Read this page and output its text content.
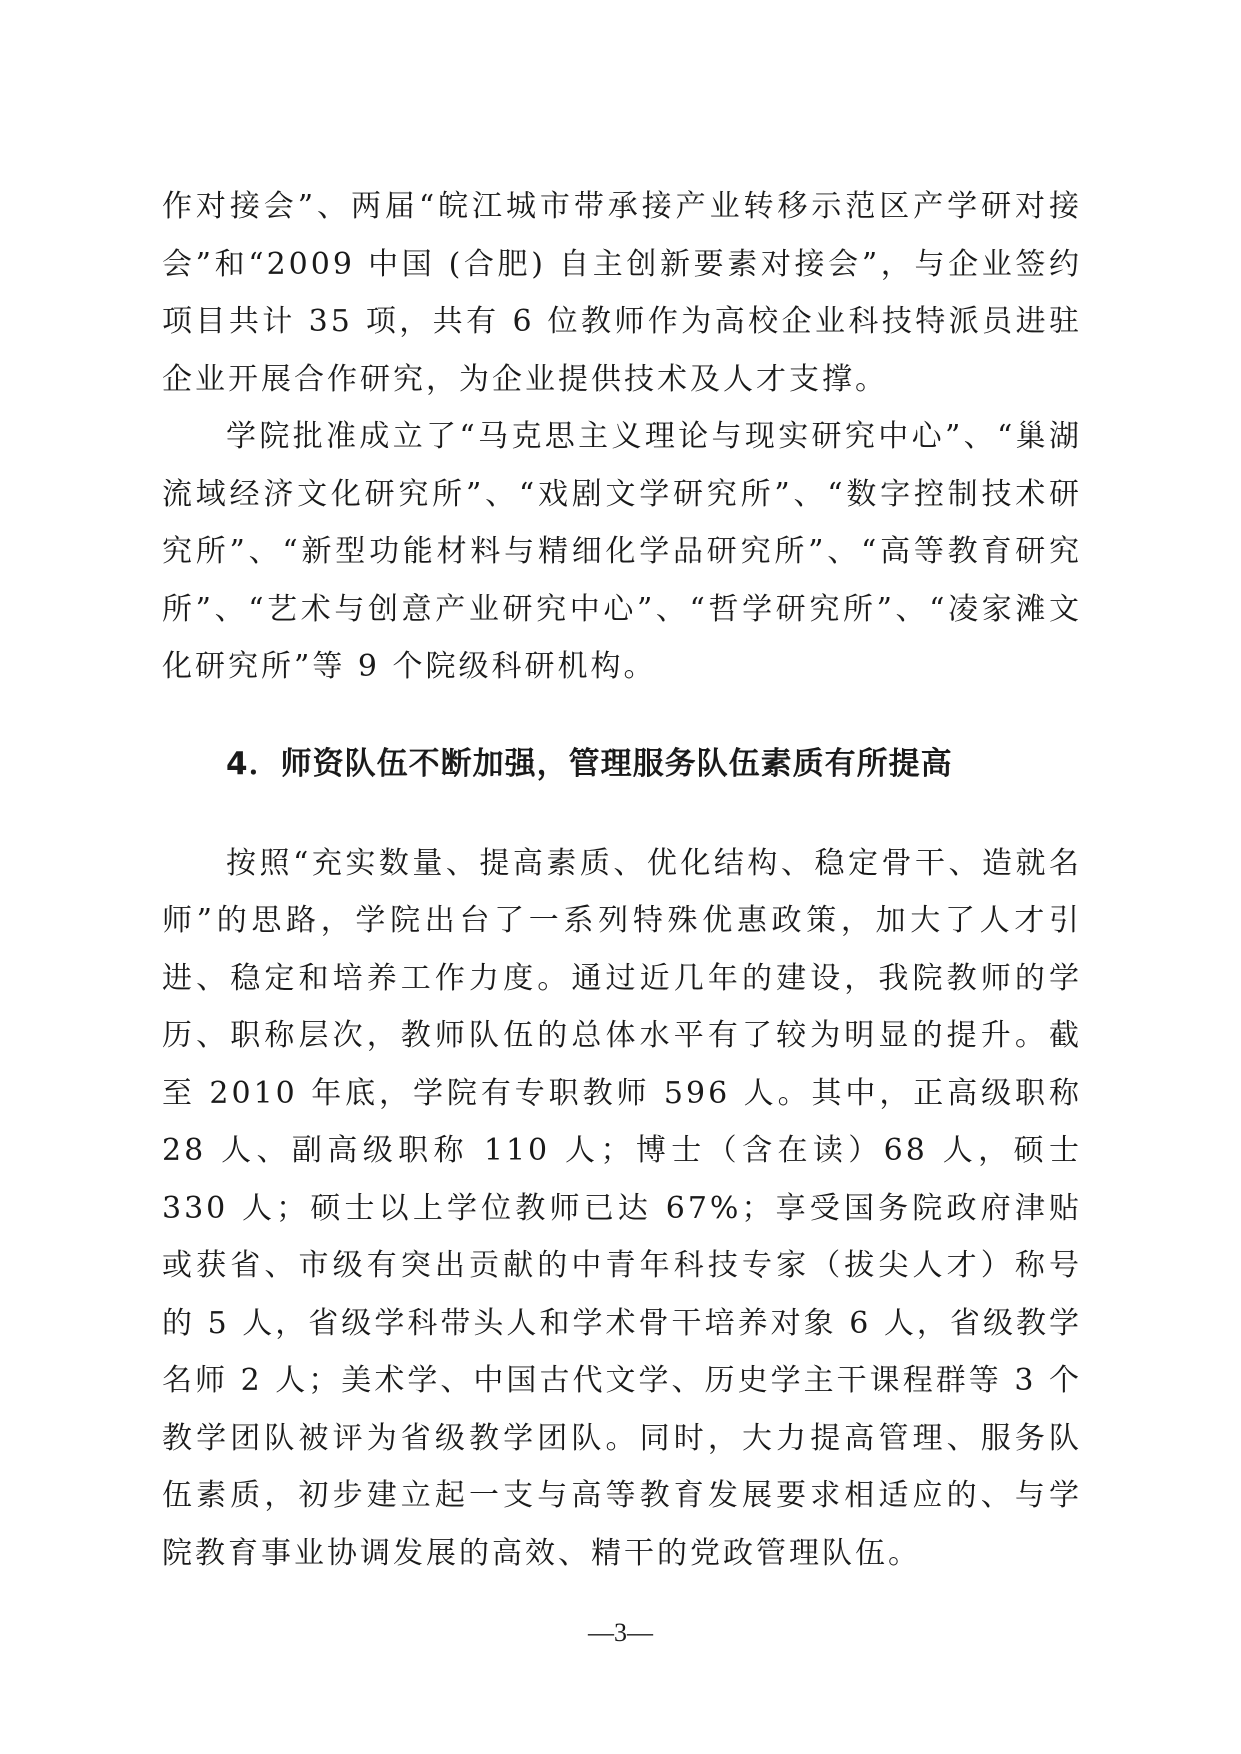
作对接会”、两届“皖江城市带承接产业转移示范区产学研对接会”和“2009 中国 (合肥) 自主创新要素对接会”，与企业签约项目共计 35 项，共有 6 位教师作为高校企业科技特派员进驻企业开展合作研究，为企业提供技术及人才支撑。

学院批准成立了“马克思主义理论与现实研究中心”、“巢湖流域经济文化研究所”、“戏剧文学研究所”、“数字控制技术研究所”、“新型功能材料与精细化学品研究所”、“高等教育研究所”、“艺术与创意产业研究中心”、“哲学研究所”、“凌家滩文化研究所”等 9 个院级科研机构。

4．师资队伍不断加强，管理服务队伍素质有所提高

按照“充实数量、提高素质、优化结构、稳定骨干、造就名师”的思路，学院出台了一系列特殊优惠政策，加大了人才引进、稳定和培养工作力度。通过近几年的建设，我院教师的学历、职称层次，教师队伍的总体水平有了较为明显的提升。截至 2010 年底，学院有专职教师 596 人。其中，正高级职称 28 人、副高级职称 110 人；博士（含在读）68 人，硕士 330 人；硕士以上学位教师已达 67%；享受国务院政府津贴或获省、市级有突出贡献的中青年科技专家（拔尖人才）称号的 5 人，省级学科带头人和学术骨干培养对象 6 人，省级教学名师 2 人；美术学、中国古代文学、历史学主干课程群等 3 个教学团队被评为省级教学团队。同时，大力提高管理、服务队伍素质，初步建立起一支与高等教育发展要求相适应的、与学院教育事业协调发展的高效、精干的党政管理队伍。

—3—
